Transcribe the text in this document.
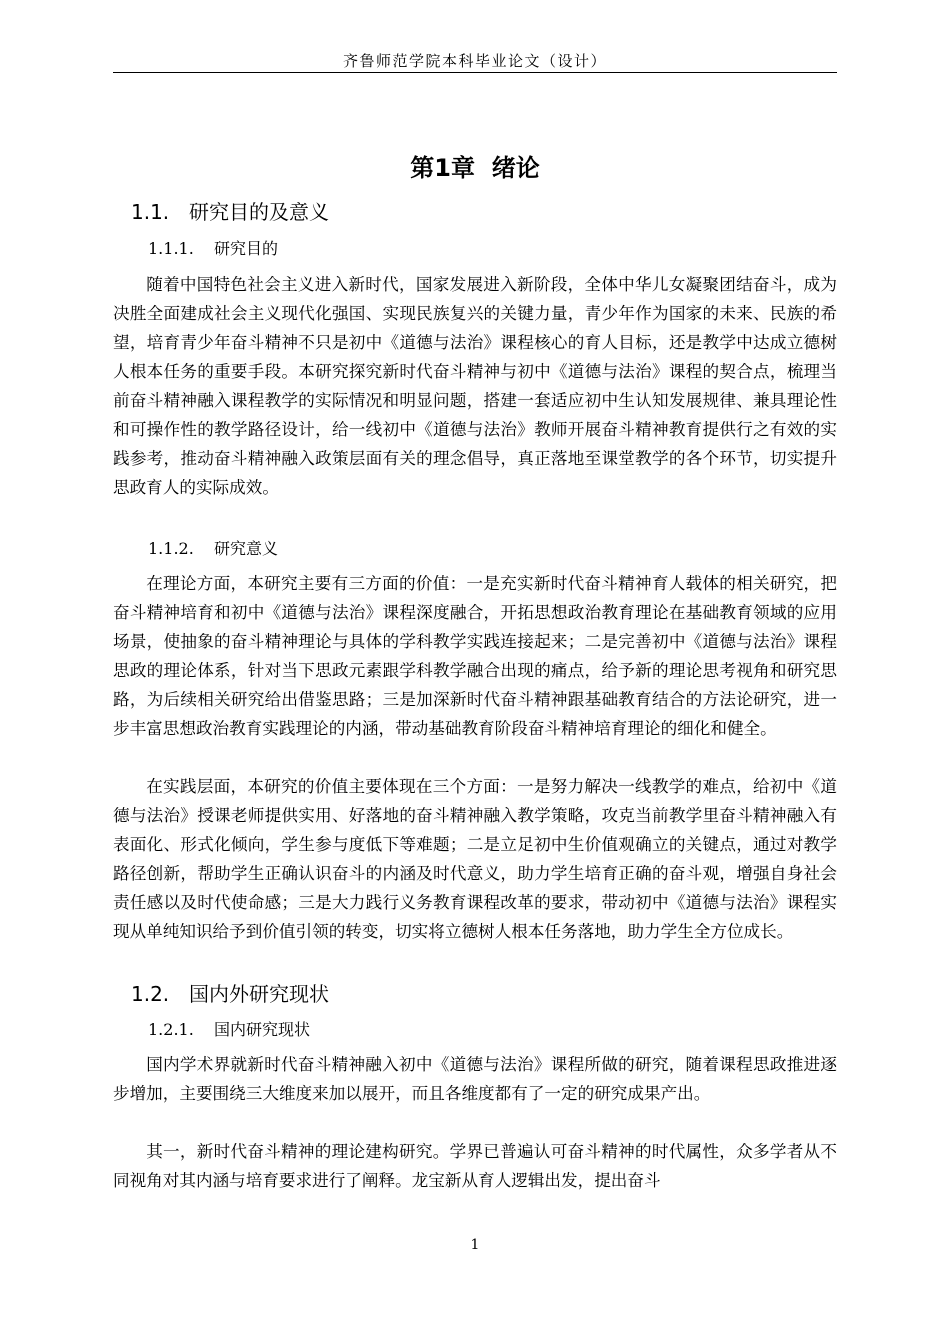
齐鲁师范学院本科毕业论文（设计）
第1章  绪论
1.1. 研究目的及意义
1.1.1. 研究目的

随着中国特色社会主义进入新时代，国家发展进入新阶段，全体中华儿女凝聚团结奋斗，成为决胜全面建成社会主义现代化强国、实现民族复兴的关键力量，青少年作为国家的未来、民族的希望，培育青少年奋斗精神不只是初中《道德与法治》课程核心的育人目标，还是教学中达成立德树人根本任务的重要手段。本研究探究新时代奋斗精神与初中《道德与法治》课程的契合点，梳理当前奋斗精神融入课程教学的实际情况和明显问题，搭建一套适应初中生认知发展规律、兼具理论性和可操作性的教学路径设计，给一线初中《道德与法治》教师开展奋斗精神教育提供行之有效的实践参考，推动奋斗精神融入政策层面有关的理念倡导，真正落地至课堂教学的各个环节，切实提升思政育人的实际成效。

1.1.2. 研究意义

在理论方面，本研究主要有三方面的价值：一是充实新时代奋斗精神育人载体的相关研究，把奋斗精神培育和初中《道德与法治》课程深度融合，开拓思想政治教育理论在基础教育领域的应用场景，使抽象的奋斗精神理论与具体的学科教学实践连接起来；二是完善初中《道德与法治》课程思政的理论体系，针对当下思政元素跟学科教学融合出现的痛点，给予新的理论思考视角和研究思路，为后续相关研究给出借鉴思路；三是加深新时代奋斗精神跟基础教育结合的方法论研究，进一步丰富思想政治教育实践理论的内涵，带动基础教育阶段奋斗精神培育理论的细化和健全。

在实践层面，本研究的价值主要体现在三个方面：一是努力解决一线教学的难点，给初中《道德与法治》授课老师提供实用、好落地的奋斗精神融入教学策略，攻克当前教学里奋斗精神融入有表面化、形式化倾向，学生参与度低下等难题；二是立足初中生价值观确立的关键点，通过对教学路径创新，帮助学生正确认识奋斗的内涵及时代意义，助力学生培育正确的奋斗观，增强自身社会责任感以及时代使命感；三是大力践行义务教育课程改革的要求，带动初中《道德与法治》课程实现从单纯知识给予到价值引领的转变，切实将立德树人根本任务落地，助力学生全方位成长。

1.2. 国内外研究现状
1.2.1. 国内研究现状

国内学术界就新时代奋斗精神融入初中《道德与法治》课程所做的研究，随着课程思政推进逐步增加，主要围绕三大维度来加以展开，而且各维度都有了一定的研究成果产出。

其一，新时代奋斗精神的理论建构研究。学界已普遍认可奋斗精神的时代属性，众多学者从不同视角对其内涵与培育要求进行了阐释。龙宝新从育人逻辑出发，提出奋斗

1
